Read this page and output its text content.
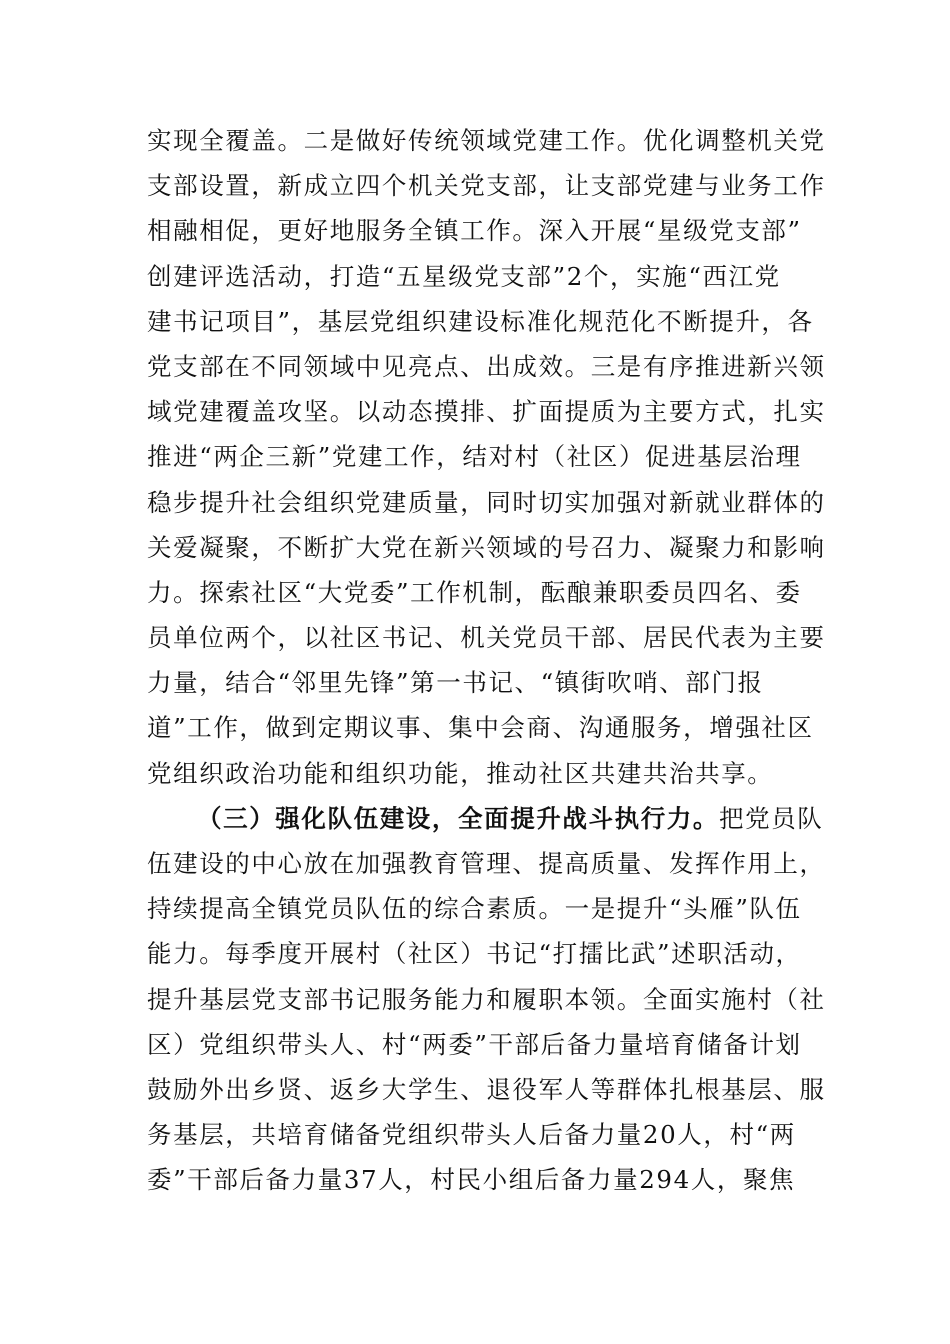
实现全覆盖。二是做好传统领域党建工作。优化调整机关党
支部设置，新成立四个机关党支部，让支部党建与业务工作
相融相促，更好地服务全镇工作。深入开展“星级党支部”
创建评选活动，打造“五星级党支部”2个，实施“西江党
建书记项目”，基层党组织建设标准化规范化不断提升，各
党支部在不同领域中见亮点、出成效。三是有序推进新兴领
域党建覆盖攻坚。以动态摸排、扩面提质为主要方式，扎实
推进“两企三新”党建工作，结对村（社区）促进基层治理
稳步提升社会组织党建质量，同时切实加强对新就业群体的
关爱凝聚，不断扩大党在新兴领域的号召力、凝聚力和影响
力。探索社区“大党委”工作机制，酝酿兼职委员四名、委
员单位两个，以社区书记、机关党员干部、居民代表为主要
力量，结合“邻里先锋”第一书记、“镇街吹哨、部门报
道”工作，做到定期议事、集中会商、沟通服务，增强社区
党组织政治功能和组织功能，推动社区共建共治共享。
（三）强化队伍建设，全面提升战斗执行力。把党员队
伍建设的中心放在加强教育管理、提高质量、发挥作用上，
持续提高全镇党员队伍的综合素质。一是提升“头雁”队伍
能力。每季度开展村（社区）书记“打擂比武”述职活动，
提升基层党支部书记服务能力和履职本领。全面实施村（社
区）党组织带头人、村“两委”干部后备力量培育储备计划
鼓励外出乡贤、返乡大学生、退役军人等群体扎根基层、服
务基层，共培育储备党组织带头人后备力量20人，村“两
委”干部后备力量37人，村民小组后备力量294人，聚焦
